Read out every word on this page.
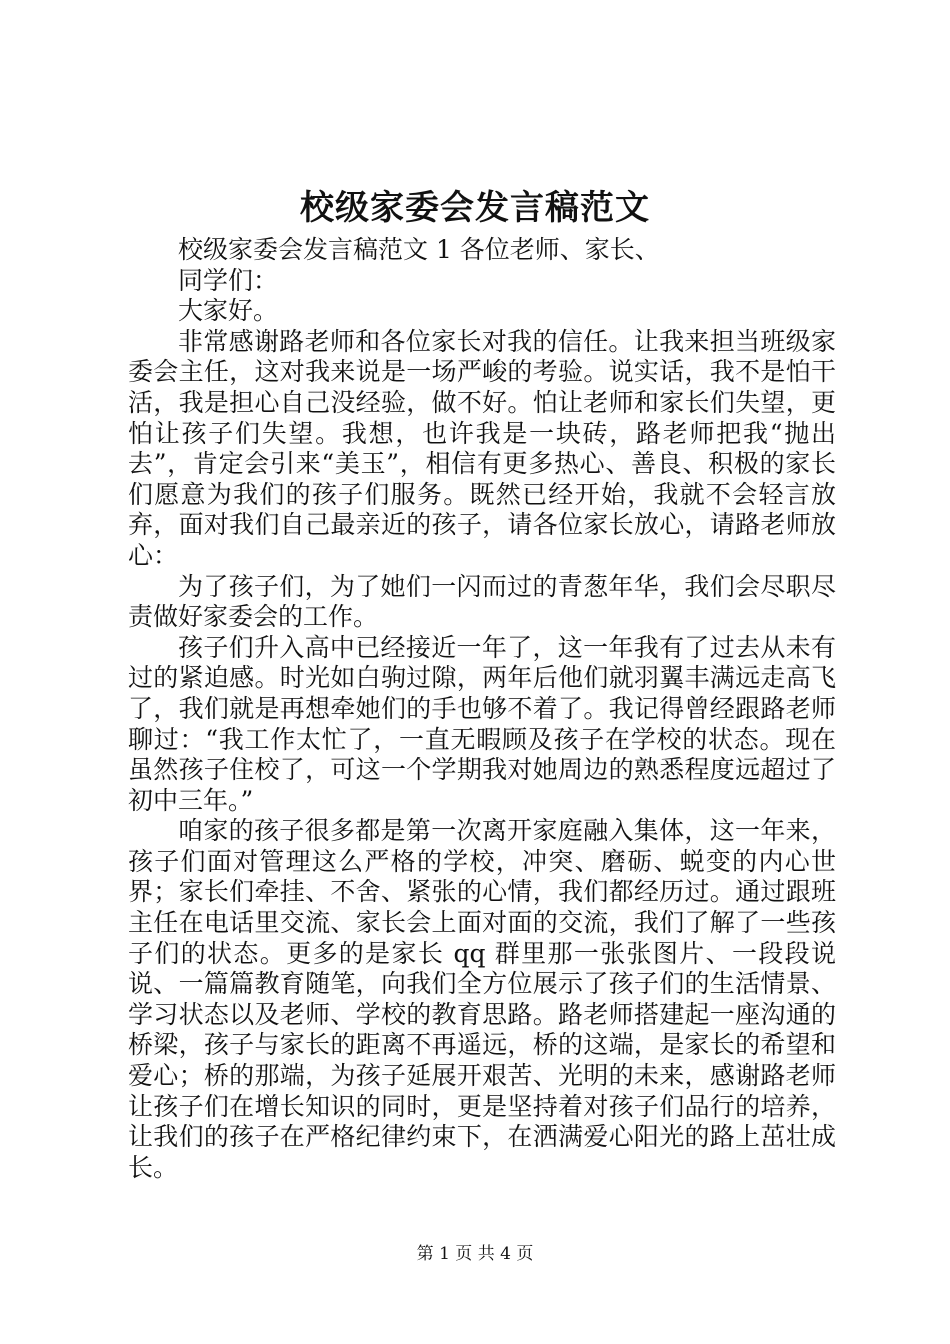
校级家委会发言稿范文

校级家委会发言稿范文 1 各位老师、家长、

同学们：

大家好。

非常感谢路老师和各位家长对我的信任。让我来担当班级家委会主任，这对我来说是一场严峻的考验。说实话，我不是怕干活，我是担心自己没经验，做不好。怕让老师和家长们失望，更怕让孩子们失望。我想，也许我是一块砖，路老师把我“抛出去”，肯定会引来“美玉”，相信有更多热心、善良、积极的家长们愿意为我们的孩子们服务。既然已经开始，我就不会轻言放弃，面对我们自己最亲近的孩子，请各位家长放心，请路老师放心：

为了孩子们，为了她们一闪而过的青葱年华，我们会尽职尽责做好家委会的工作。

孩子们升入高中已经接近一年了，这一年我有了过去从未有过的紧迫感。时光如白驹过隙，两年后他们就羽翼丰满远走高飞了，我们就是再想牵她们的手也够不着了。我记得曾经跟路老师聊过：“我工作太忙了，一直无暇顾及孩子在学校的状态。现在虽然孩子住校了，可这一个学期我对她周边的熟悉程度远超过了初中三年。”

咱家的孩子很多都是第一次离开家庭融入集体，这一年来，孩子们面对管理这么严格的学校，冲突、磨砺、蜕变的内心世界；家长们牵挂、不舍、紧张的心情，我们都经历过。通过跟班主任在电话里交流、家长会上面对面的交流，我们了解了一些孩子们的状态。更多的是家长 qq 群里那一张张图片、一段段说说、一篇篇教育随笔，向我们全方位展示了孩子们的生活情景、学习状态以及老师、学校的教育思路。路老师搭建起一座沟通的桥梁，孩子与家长的距离不再遥远，桥的这端，是家长的希望和爱心；桥的那端，为孩子延展开艰苦、光明的未来，感谢路老师让孩子们在增长知识的同时，更是坚持着对孩子们品行的培养，让我们的孩子在严格纪律约束下，在洒满爱心阳光的路上茁壮成长。

第 1 页 共 4 页
